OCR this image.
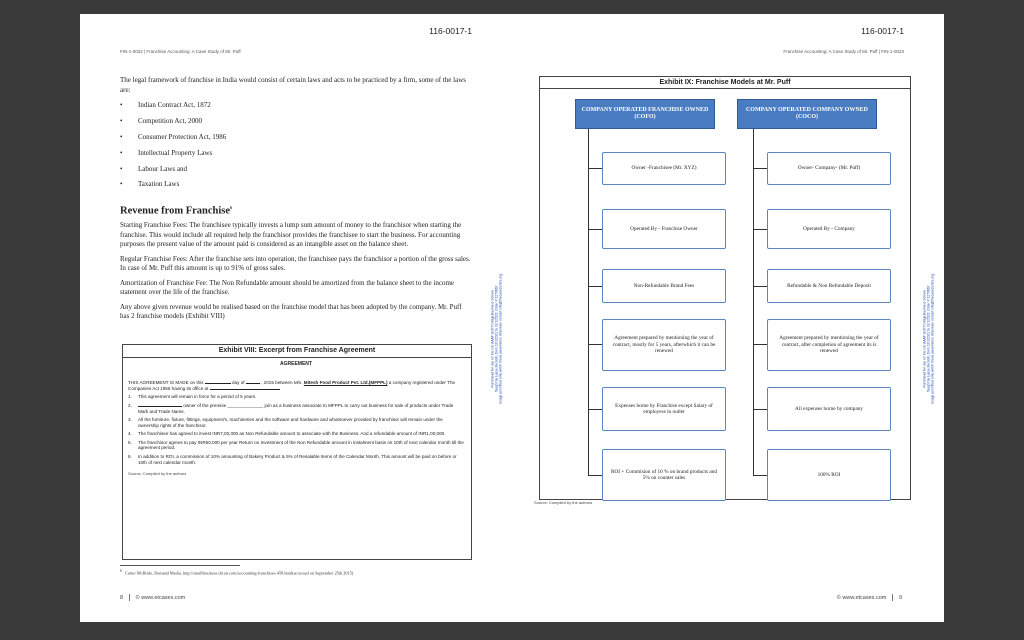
116-0017-1
FIN-1-0022 | Franchise Accounting: A Case Study of Mr. Puff

The legal framework of franchise in India would consist of certain laws and acts to be practiced by a firm, some of the laws are:

• Indian Contract Act, 1872
• Competition Act, 2000
• Consumer Protection Act, 1986
• Intellectual Property Laws
• Labour Laws and
• Taxation Laws
Revenue from Franchise$^6$

Starting Franchise Fees: The franchisee typically invests a lump sum amount of money to the franchisor when starting the franchise. This would include all required help the franchisor provides the franchisee to start the business. For accounting purposes the present value of the amount paid is considered as an intangible asset on the balance sheet.

Regular Franchise Fees: After the franchise sets into operation, the franchisee pays the franchisor a portion of the gross sales. In case of Mr. Puff this amount is up to 91% of gross sales.

Amortization of Franchise Fee: The Non Refundable amount should be amortized from the balance sheet to the income statement over the life of the franchise.

Any above given revenue would be realised based on the franchise model that has been adopted by the company. Mr. Puff has 2 franchise models (Exhibit VIII)

Exhibit VIII: Excerpt from Franchise Agreement
AGREEMENT
THIS AGREEMENT IS MADE on this	day of	, 2015 between M/s. Mitesh Food Product Pvt. Ltd.(MFPPL) a company registered under The Companies Act 1956 having its office at
1. This agreement will remain in force for a period of 5 years.
2.	owner of the premise ______________ join as a business associate to MFPPL to carry out business for sale of products under Trade Mark and Trade Name.
3. All the furniture, fixture, fittings, equipment's, machineries and the software and hardware and whatsoever provided by franchisor will remain under the ownership rights of the franchisor.
4. The franchisee has agreed to invest INR7,00,000 as Non Refundable amount to associate with the Business. And a refundable amount of INR1,00,000.
5. The franchisor agrees to pay INR50,000 per year Return on Investment of the Non Refundable amount in instalment basis on 10th of next calendar month till the agreement period.
6. In addition to ROI, a commission of 10% amounting of Bakery Product & 5% of Resalable Items of the Calendar Month. This amount will be paid on before or 10th of next calendar month.
Source: Compiled by the authors
$^6$ Carter McBride, Demand Media, http://smallbusiness.chron.com/accounting-franchises-458.html(accessed on September 25th 2015)
8 © www.etcases.com
Purchased for use on the US GAAP at (FTI) Riga Business School
Taught by Lasse Bernoth, from 12/1/2021 to 31/1/2022. Order # 2270662
Usage permitted only within these parameters otherwise contact info@thecaseCentre.org
116-0017-1
Franchise Accounting: A Case Study of Mr. Puff | FIN-1-0023
Exhibit IX: Franchise Models at Mr. Puff
COMPANY OPERATED FRANCHISE OWNED (COFO)
COMPANY OPERATED COMPANY OWNED (COCO)
Owner -Franchisee (Mr. XYZ)
Operated By - Franchise Owner
Non-Refundable Brand Fees
Agreement prepared by mentioning the year of contract, mostly for 5 years, afterwhich it can be renewed
Expenses borne by Franchise except Salary of employess in outlet
ROI + Commision of 10 % on brand products and 5% on counter sales
Owner- Company- (Mr. Puff)
Operated By - Company
Refundable & Non Refundable Deposit
Agreement prepared by mentioning the year of contract, after completion of agreement its is renewed
All expenses borne by company
100% ROI
Source: Compiled by the authors
© www.etcases.com 9
Purchased for use on the US GAAP at (FTI) Riga Business School
Taught by Lasse Bernoth, from 12/1/2021 to 31/1/2022. Order # 2270662
Usage permitted only within these parameters otherwise contact info@thecaseCentre.org
